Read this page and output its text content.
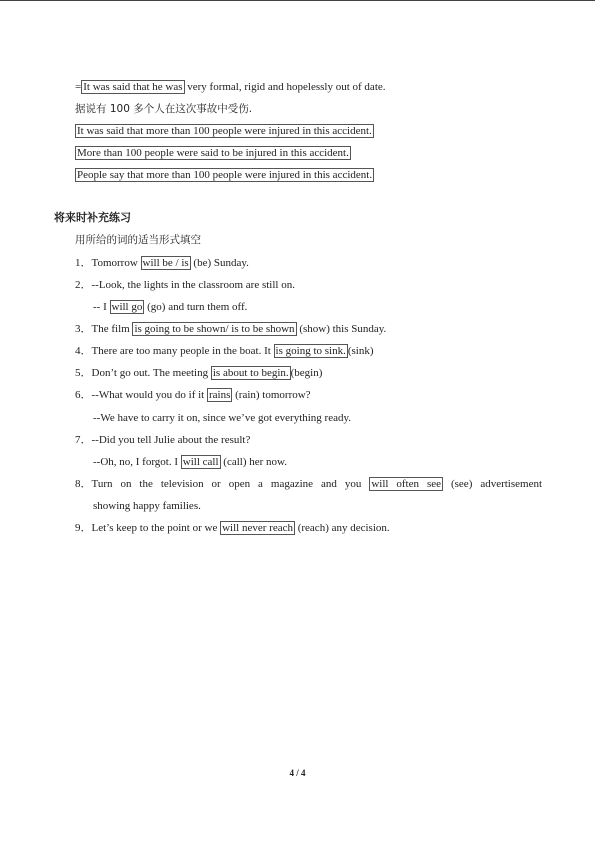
= It was said that he was very formal, rigid and hopelessly out of date.
据说有 100 多个人在这次事故中受伤.
It was said that more than 100 people were injured in this accident.
More than 100 people were said to be injured in this accident.
People say that more than 100 people were injured in this accident.
将来时补充练习
用所给的词的适当形式填空
1．Tomorrow will be / is (be) Sunday.
2．--Look, the lights in the classroom are still on.
-- I will go (go) and turn them off.
3．The film is going to be shown/ is to be shown (show) this Sunday.
4．There are too many people in the boat. It is going to sink. (sink)
5．Don’t go out. The meeting is about to begin. (begin)
6．--What would you do if it rains (rain) tomorrow?
--We have to carry it on, since we’ve got everything ready.
7．--Did you tell Julie about the result?
--Oh, no, I forgot. I will call (call) her now.
8．Turn on the television or open a magazine and you will often see (see) advertisement
showing happy families.
9．Let’s keep to the point or we will never reach (reach) any decision.
4 / 4
